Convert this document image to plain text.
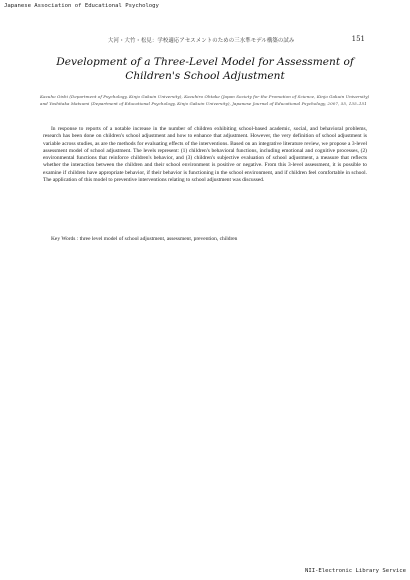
Japanese Association of Educational Psychology
大河・大竹・松見：学校適応アセスメントのための三水準モデル構築の試み	151
Development of a Three-Level Model for Assessment of Children's School Adjustment
Kazuho Oishi (Department of Psychology, Kinjo Gakuin University), Kazuhiro Ohtake (Japan Society for the Promotion of Science, Kinjo Gakuin University) and Yoshitaka Matsumi (Department of Educational Psychology, Kinjo Gakuin University), Japanese Journal of Educational Psychology, 2007, 55, 135–151

In response to reports of a notable increase in the number of children exhibiting school-based academic, social, and behavioral problems, research has been done on children's school adjustment and how to enhance that adjustment. However, the very definition of school adjustment is variable across studies, as are the methods for evaluating effects of the interventions. Based on an integrative literature review, we propose a 3-level assessment model of school adjustment. The levels represent: (1) children's behavioral functions, including emotional and cognitive processes, (2) environmental functions that reinforce children's behavior, and (3) children's subjective evaluation of school adjustment, a measure that reflects whether the interaction between the children and their school environment is positive or negative. From this 3-level assessment, it is possible to examine if children have appropriate behavior, if their behavior is functioning in the school environment, and if children feel comfortable in school. The application of this model to preventive interventions relating to school adjustment was discussed.

Key Words : three level model of school adjustment, assessment, prevention, children

NII-Electronic Library Service
